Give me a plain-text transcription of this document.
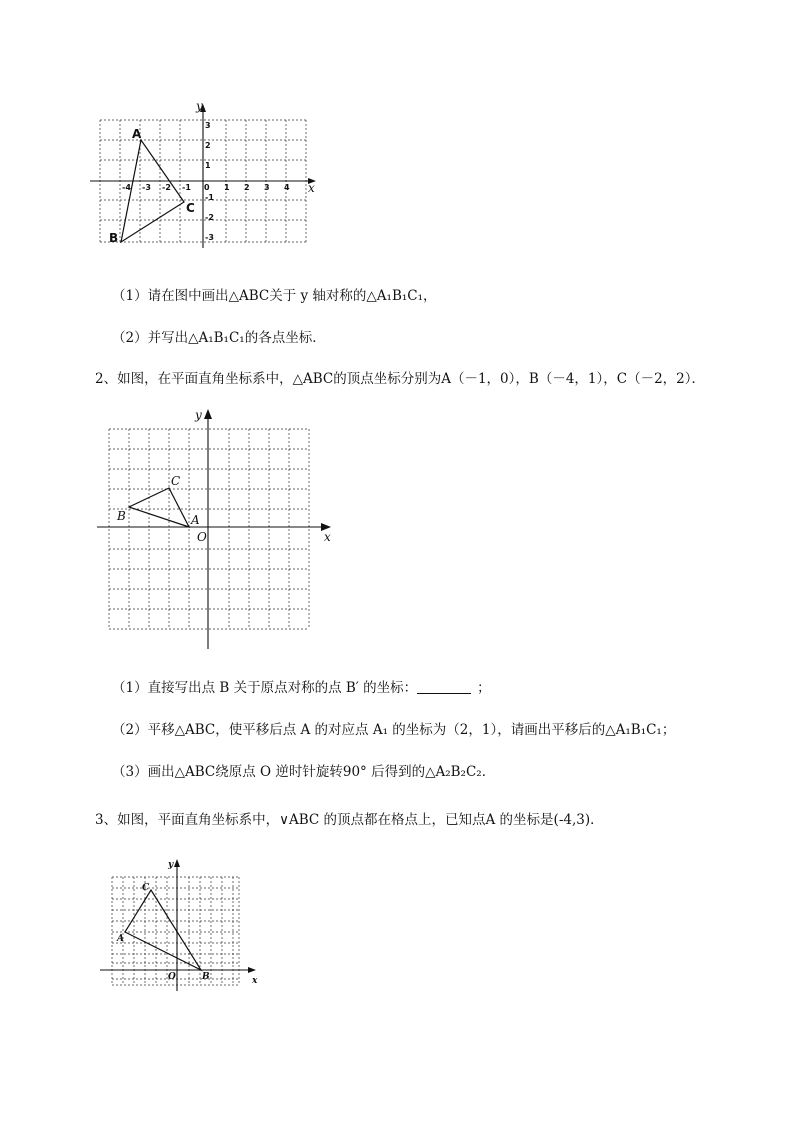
x
y
-4 -3 -2 -1 0 1 2 3 4
3
2
1
-1
-2
-3
A
B
C
（1）请在图中画出△ABC关于 y 轴对称的△A₁B₁C₁，
（2）并写出△A₁B₁C₁的各点坐标．
2、如图，在平面直角坐标系中，△ABC的顶点坐标分别为A（－1，0），B（－4，1），C（－2，2）．
x
y
O
A
B
C
（1）直接写出点 B 关于原点对称的点 B′ 的坐标：	；
（2）平移△ABC，使平移后点 A 的对应点 A₁ 的坐标为（2，1），请画出平移后的△A₁B₁C₁；
（3）画出△ABC绕原点 O 逆时针旋转90° 后得到的△A₂B₂C₂．
3、如图，平面直角坐标系中，∨ABC 的顶点都在格点上，已知点A 的坐标是(-4,3)．
x
y
O
A
B
C
